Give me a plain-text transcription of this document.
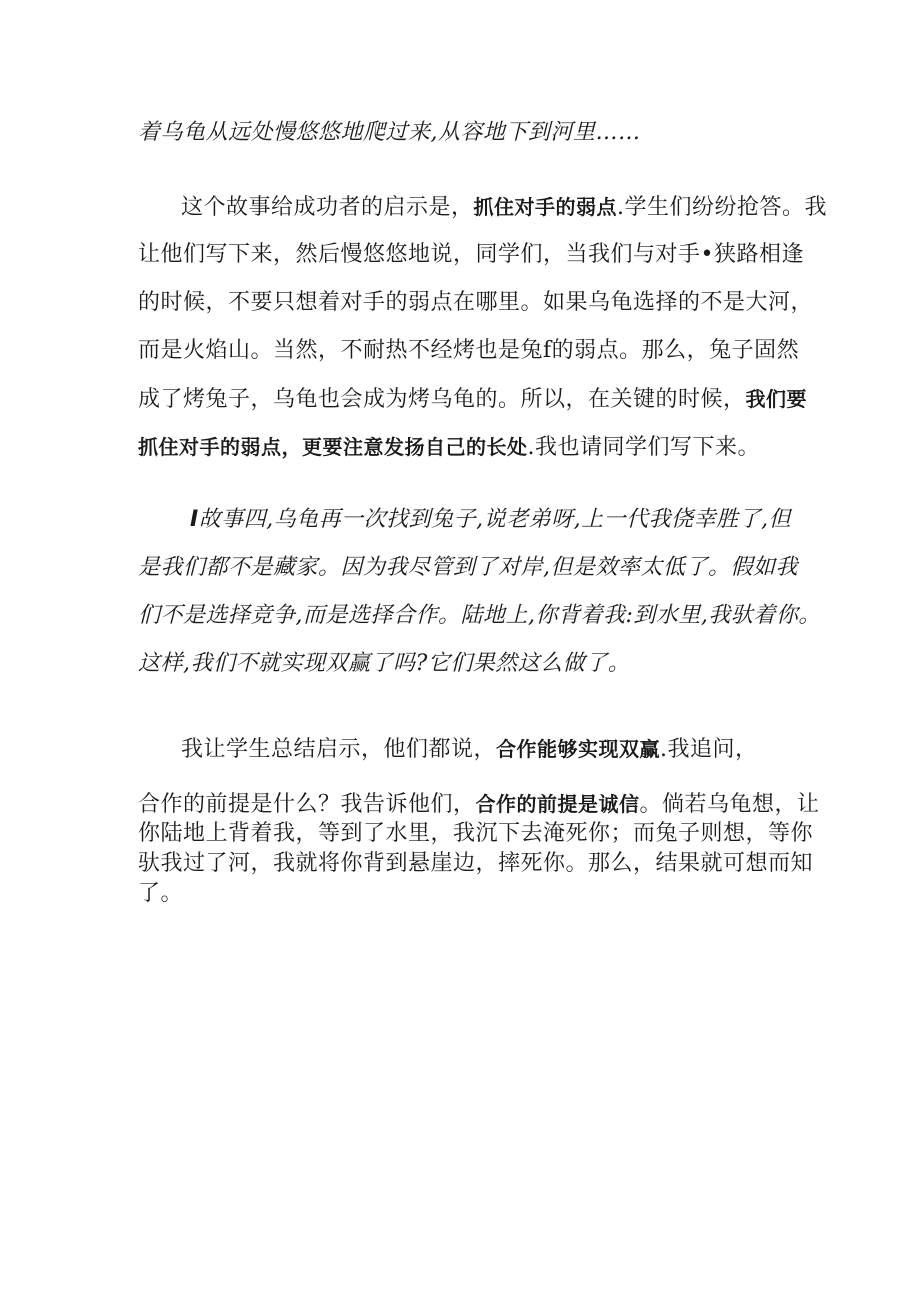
着乌龟从远处慢悠悠地爬过来,从容地下到河里……
这个故事给成功者的启示是，抓住对手的弱点.学生们纷纷抢答。我
让他们写下来，然后慢悠悠地说，同学们，当我们与对手•狭路相逢
的时候，不要只想着对手的弱点在哪里。如果乌龟选择的不是大河，
而是火焰山。当然，不耐热不经烤也是兔f的弱点。那么，兔子固然
成了烤兔子，乌龟也会成为烤乌龟的。所以，在关键的时候，我们要
抓住对手的弱点，更要注意发扬自己的长处.我也请同学们写下来。
I故事四,乌龟再一次找到兔子,说老弟呀,上一代我侥幸胜了,但
是我们都不是藏家。因为我尽管到了对岸,但是效率太低了。假如我
们不是选择竞争,而是选择合作。陆地上,你背着我:到水里,我驮着你。
这样,我们不就实现双赢了吗?它们果然这么做了。
我让学生总结启示，他们都说，合作能够实现双赢.我追问，
合作的前提是什么？我告诉他们，合作的前提是诚信。倘若乌龟想，让
你陆地上背着我，等到了水里，我沉下去淹死你；而兔子则想，等你
驮我过了河，我就将你背到悬崖边，摔死你。那么，结果就可想而知
了。
